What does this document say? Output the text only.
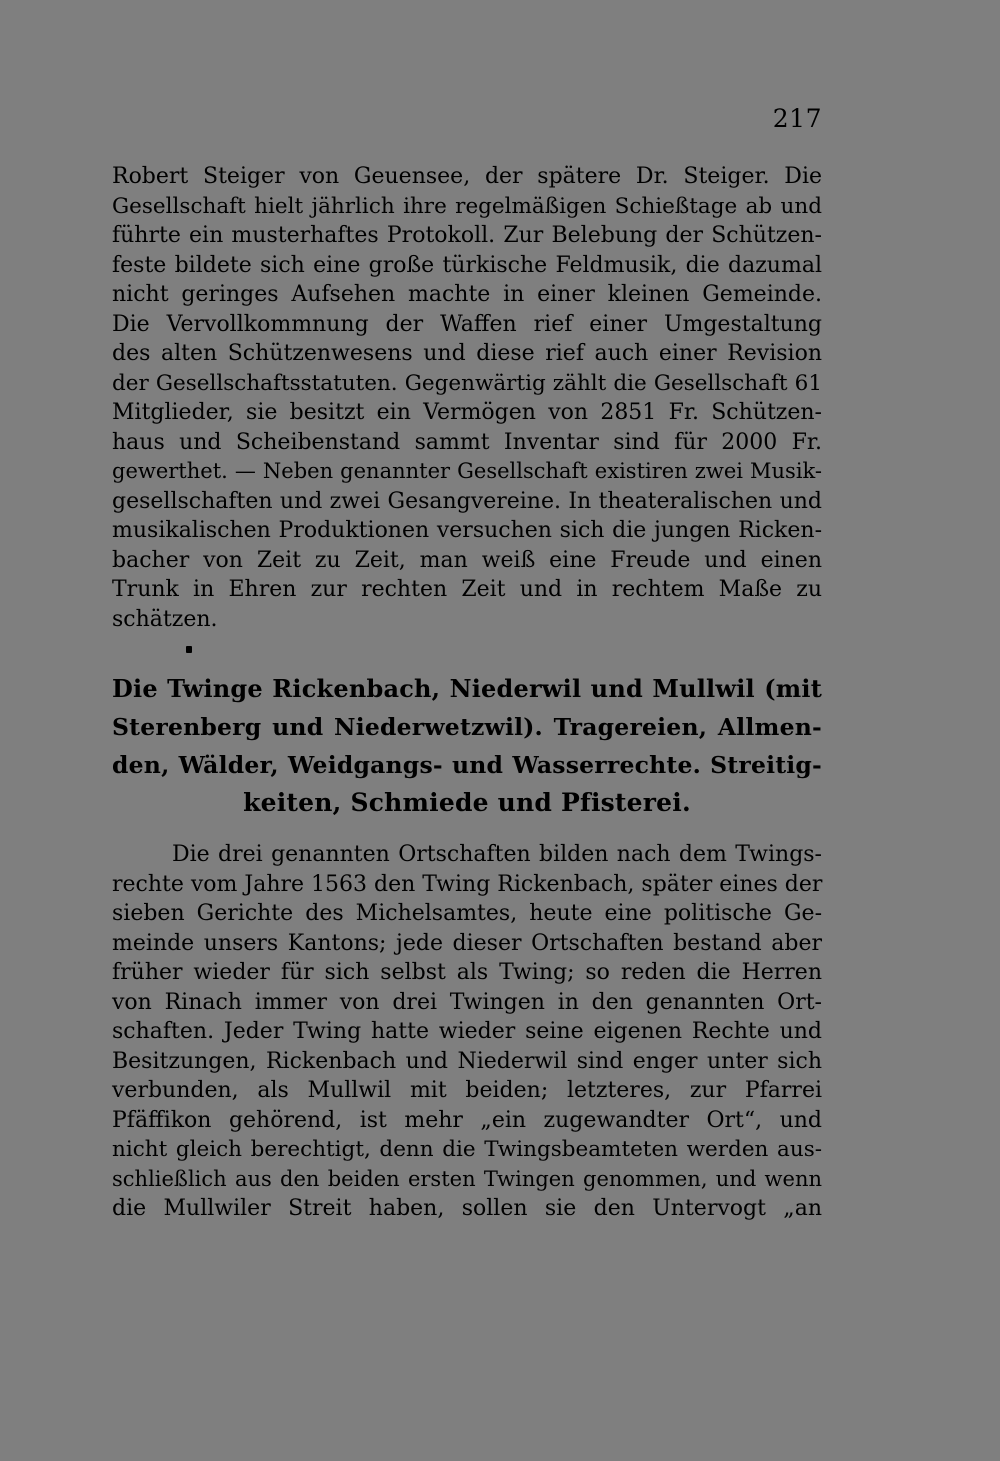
217
Robert Steiger von Geuensee, der spätere Dr. Steiger. Die
Gesellschaft hielt jährlich ihre regelmäßigen Schießtage ab und
führte ein musterhaftes Protokoll. Zur Belebung der Schützen-
feste bildete sich eine große türkische Feldmusik, die dazumal
nicht geringes Aufsehen machte in einer kleinen Gemeinde.
Die Vervollkommnung der Waffen rief einer Umgestaltung
des alten Schützenwesens und diese rief auch einer Revision
der Gesellschaftsstatuten. Gegenwärtig zählt die Gesellschaft 61
Mitglieder, sie besitzt ein Vermögen von 2851 Fr. Schützen-
haus und Scheibenstand sammt Inventar sind für 2000 Fr.
gewerthet. — Neben genannter Gesellschaft existiren zwei Musik-
gesellschaften und zwei Gesangvereine. In theateralischen und
musikalischen Produktionen versuchen sich die jungen Ricken-
bacher von Zeit zu Zeit, man weiß eine Freude und einen
Trunk in Ehren zur rechten Zeit und in rechtem Maße zu
schätzen.
Die Twinge Rickenbach, Niederwil und Mullwil (mit
Sterenberg und Niederwetzwil). Tragereien, Allmen-
den, Wälder, Weidgangs- und Wasserrechte. Streitig-
keiten, Schmiede und Pfisterei.
Die drei genannten Ortschaften bilden nach dem Twings-
rechte vom Jahre 1563 den Twing Rickenbach, später eines der
sieben Gerichte des Michelsamtes, heute eine politische Ge-
meinde unsers Kantons; jede dieser Ortschaften bestand aber
früher wieder für sich selbst als Twing; so reden die Herren
von Rinach immer von drei Twingen in den genannten Ort-
schaften. Jeder Twing hatte wieder seine eigenen Rechte und
Besitzungen, Rickenbach und Niederwil sind enger unter sich
verbunden, als Mullwil mit beiden; letzteres, zur Pfarrei
Pfäffikon gehörend, ist mehr „ein zugewandter Ort“, und
nicht gleich berechtigt, denn die Twingsbeamteten werden aus-
schließlich aus den beiden ersten Twingen genommen, und wenn
die Mullwiler Streit haben, sollen sie den Untervogt „an
